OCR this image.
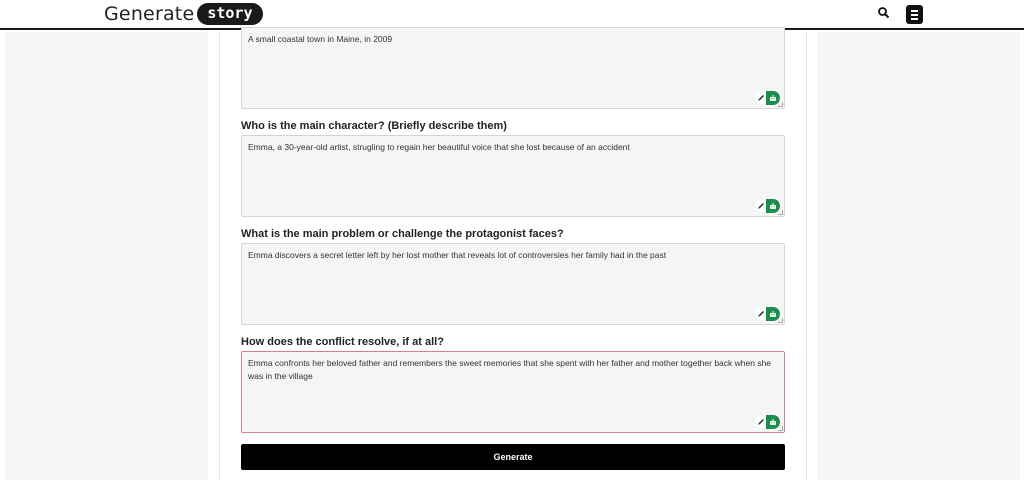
Generate story
A small coastal town in Maine, in 2009
Who is the main character? (Briefly describe them)
Emma, a 30-year-old artist, strugling to regain her beautiful voice that she lost because of an accident
What is the main problem or challenge the protagonist faces?
Emma discovers a secret letter left by her lost mother that reveals lot of controversies her family had in the past
How does the conflict resolve, if at all?
Emma confronts her beloved father and remembers the sweet memories that she spent with her father and mother together back when she was in the village
Generate
